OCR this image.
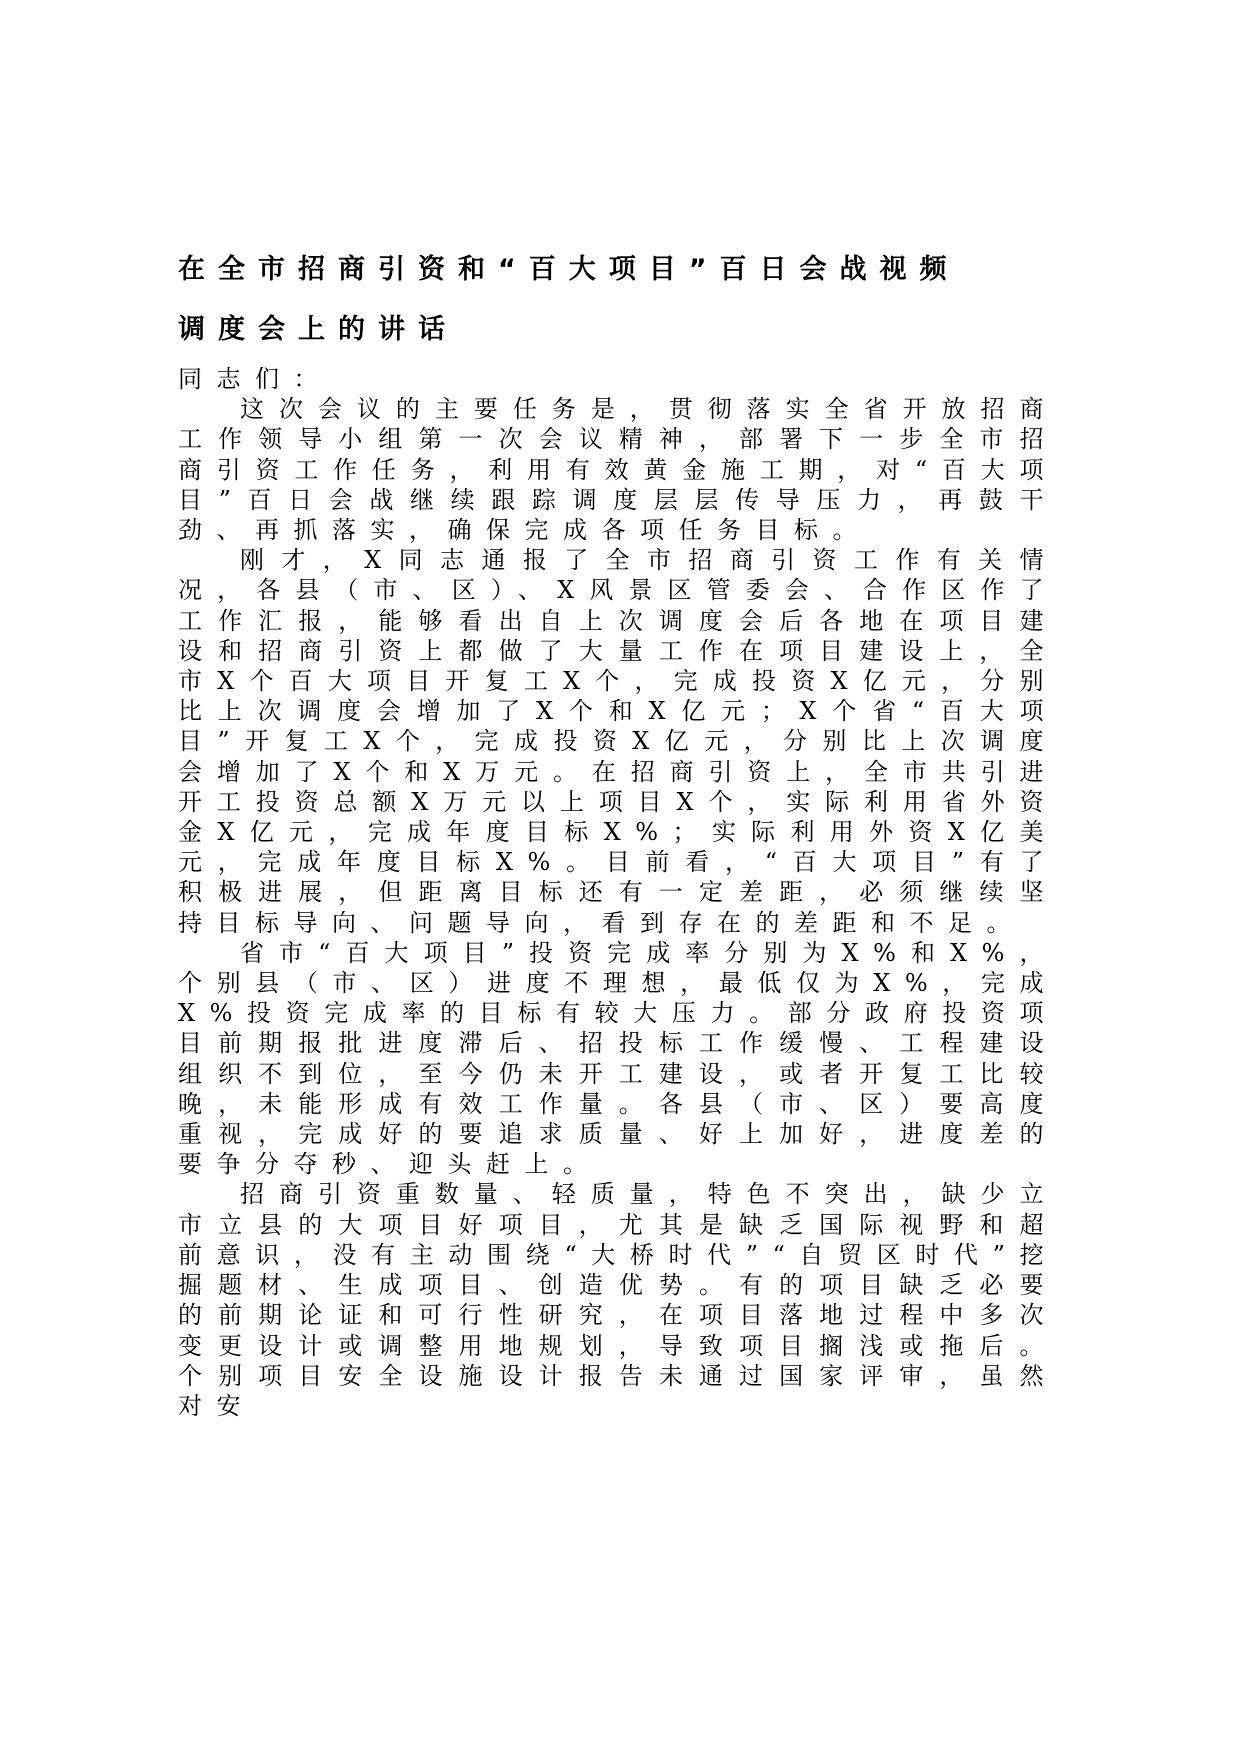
在全市招商引资和“百大项目”百日会战视频
调度会上的讲话

同志们：

这次会议的主要任务是，贯彻落实全省开放招商工作领导小组第一次会议精神，部署下一步全市招商引资工作任务，利用有效黄金施工期，对“百大项目”百日会战继续跟踪调度层层传导压力，再鼓干劲、再抓落实，确保完成各项任务目标。

刚才，X同志通报了全市招商引资工作有关情况，各县（市、区）、X风景区管委会、合作区作了工作汇报，能够看出自上次调度会后各地在项目建设和招商引资上都做了大量工作在项目建设上，全市X个百大项目开复工X个，完成投资X亿元，分别比上次调度会增加了X个和X亿元；X个省“百大项目”开复工X个，完成投资X亿元，分别比上次调度会增加了X个和X万元。在招商引资上，全市共引进开工投资总额X万元以上项目X个，实际利用省外资金X亿元，完成年度目标X%；实际利用外资X亿美元，完成年度目标X%。目前看，“百大项目”有了积极进展，但距离目标还有一定差距，必须继续坚持目标导向、问题导向，看到存在的差距和不足。

省市“百大项目”投资完成率分别为X%和X%，个别县（市、区）进度不理想，最低仅为X%，完成X%投资完成率的目标有较大压力。部分政府投资项目前期报批进度滞后、招投标工作缓慢、工程建设组织不到位，至今仍未开工建设，或者开复工比较晚，未能形成有效工作量。各县（市、区）要高度重视，完成好的要追求质量、好上加好，进度差的要争分夺秒、迎头赶上。

招商引资重数量、轻质量，特色不突出，缺少立市立县的大项目好项目，尤其是缺乏国际视野和超前意识，没有主动围绕“大桥时代”“自贸区时代”挖掘题材、生成项目、创造优势。有的项目缺乏必要的前期论证和可行性研究，在项目落地过程中多次变更设计或调整用地规划，导致项目搁浅或拖后。个别项目安全设施设计报告未通过国家评审，虽然对安
